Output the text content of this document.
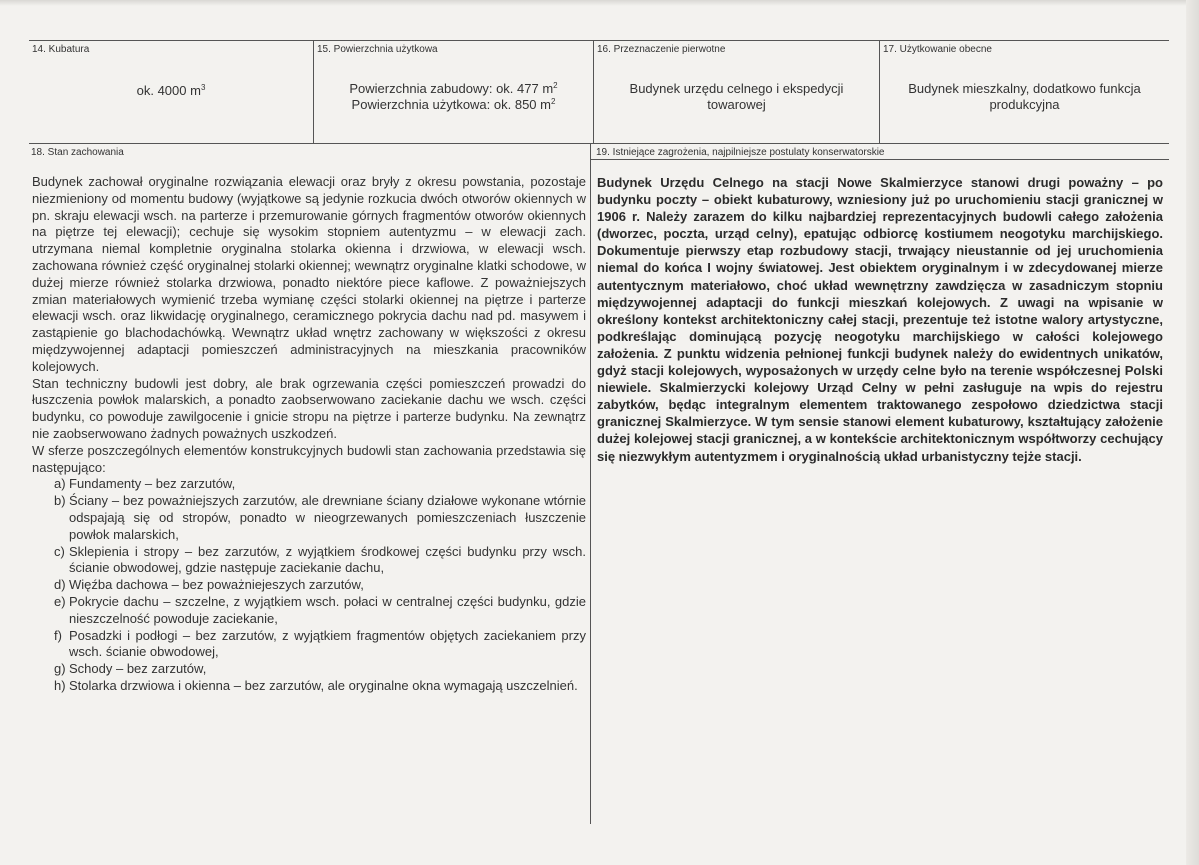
14. Kubatura
ok. 4000 $m^3$
15. Powierzchnia użytkowa
Powierzchnia zabudowy: ok. 477 $m^2$
Powierzchnia użytkowa: ok. 850 $m^2$
16. Przeznaczenie pierwotne
Budynek urzędu celnego i ekspedycji towarowej
17. Użytkowanie obecne
Budynek mieszkalny, dodatkowo funkcja produkcyjna
18. Stan zachowania

Budynek zachował oryginalne rozwiązania elewacji oraz bryły z okresu powstania, pozostaje niezmieniony od momentu budowy (wyjątkowe są jedynie rozkucia dwóch otworów okiennych w pn. skraju elewacji wsch. na parterze i przemurowanie górnych fragmentów otworów okiennych na piętrze tej elewacji); cechuje się wysokim stopniem autentyzmu – w elewacji zach. utrzymana niemal kompletnie oryginalna stolarka okienna i drzwiowa, w elewacji wsch. zachowana również część oryginalnej stolarki okiennej; wewnątrz oryginalne klatki schodowe, w dużej mierze również stolarka drzwiowa, ponadto niektóre piece kaflowe. Z poważniejszych zmian materiałowych wymienić trzeba wymianę części stolarki okiennej na piętrze i parterze elewacji wsch. oraz likwidację oryginalnego, ceramicznego pokrycia dachu nad pd. masywem i zastąpienie go blachodachówką. Wewnątrz układ wnętrz zachowany w większości z okresu międzywojennej adaptacji pomieszczeń administracyjnych na mieszkania pracowników kolejowych.

Stan techniczny budowli jest dobry, ale brak ogrzewania części pomieszczeń prowadzi do łuszczenia powłok malarskich, a ponadto zaobserwowano zaciekanie dachu we wsch. części budynku, co powoduje zawilgocenie i gnicie stropu na piętrze i parterze budynku. Na zewnątrz nie zaobserwowano żadnych poważnych uszkodzeń.

W sferze poszczególnych elementów konstrukcyjnych budowli stan zachowania przedstawia się następująco:

a) Fundamenty – bez zarzutów,
b) Ściany – bez poważniejszych zarzutów, ale drewniane ściany działowe wykonane wtórnie odspajają się od stropów, ponadto w nieogrzewanych pomieszczeniach łuszczenie powłok malarskich,
c) Sklepienia i stropy – bez zarzutów, z wyjątkiem środkowej części budynku przy wsch. ścianie obwodowej, gdzie następuje zaciekanie dachu,
d) Więźba dachowa – bez poważniejeszych zarzutów,
e) Pokrycie dachu – szczelne, z wyjątkiem wsch. połaci w centralnej części budynku, gdzie nieszczelność powoduje zaciekanie,
f) Posadzki i podłogi – bez zarzutów, z wyjątkiem fragmentów objętych zaciekaniem przy wsch. ścianie obwodowej,
g) Schody – bez zarzutów,
h) Stolarka drzwiowa i okienna – bez zarzutów, ale oryginalne okna wymagają uszczelnień.
19. Istniejące zagrożenia, najpilniejsze postulaty konserwatorskie
Budynek Urzędu Celnego na stacji Nowe Skalmierzyce stanowi drugi poważny – po budynku poczty – obiekt kubaturowy, wzniesiony już po uruchomieniu stacji granicznej w 1906 r. Należy zarazem do kilku najbardziej reprezentacyjnych budowli całego założenia (dworzec, poczta, urząd celny), epatując odbiorcę kostiumem neogotyku marchijskiego. Dokumentuje pierwszy etap rozbudowy stacji, trwający nieustannie od jej uruchomienia niemal do końca I wojny światowej. Jest obiektem oryginalnym i w zdecydowanej mierze autentycznym materiałowo, choć układ wewnętrzny zawdzięcza w zasadniczym stopniu międzywojennej adaptacji do funkcji mieszkań kolejowych. Z uwagi na wpisanie w określony kontekst architektoniczny całej stacji, prezentuje też istotne walory artystyczne, podkreślając dominującą pozycję neogotyku marchijskiego w całości kolejowego założenia. Z punktu widzenia pełnionej funkcji budynek należy do ewidentnych unikatów, gdyż stacji kolejowych, wyposażonych w urzędy celne było na terenie współczesnej Polski niewiele. Skalmierzycki kolejowy Urząd Celny w pełni zasługuje na wpis do rejestru zabytków, będąc integralnym elementem traktowanego zespołowo dziedzictwa stacji granicznej Skalmierzyce. W tym sensie stanowi element kubaturowy, kształtujący założenie dużej kolejowej stacji granicznej, a w kontekście architektonicznym współtworzy cechujący się niezwykłym autentyzmem i oryginalnością układ urbanistyczny tejże stacji.
